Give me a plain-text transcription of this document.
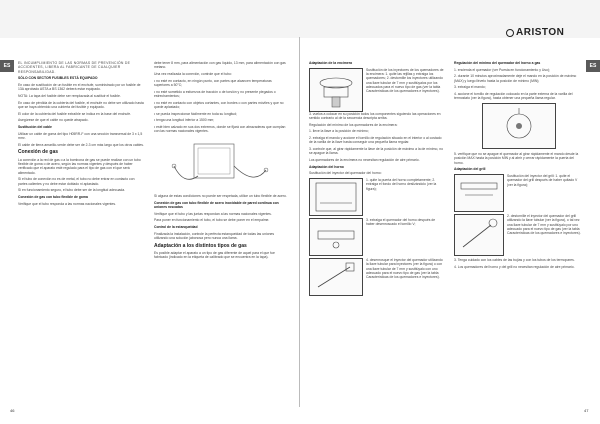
ES	ES
ARISTON

EL INCUMPLIMIENTO DE LAS NORMAS DE PREVENCIÓN DE ACCIDENTES, LIBERA AL FABRICANTE DE CUALQUIER RESPONSABILIDAD.

SÓLO CON SECTOR FUSIBLES ESTÁ EQUIPADO

En caso de sustitución de un fusible en el enchufe, suministrado por un fusible de 13A aprobado ASTA a BS 1362 deberá estar equipado.

NOTA: La tapa del fusible debe ser remplazada al sustituir el fusible.

En caso de pérdida de la cubierta del fusible, el enchufe no debe ser utilizado hasta que se haya obtenido una cubierta del fusible y equipado.

El color de la cubierta del fusible extraíble se indica en la base del enchufe.

Asegúrese de que el cable no quede atrapado.

Sustitución del cable

Utilizar un cable de goma del tipo H05RR-F con una sección transversal de 3 x 1,5 mm².

El cable de tierra amarillo-verde debe ser de 2-3 cm más largo que los otros cables.

Conexión de gas

La conexión a la red de gas o a la bombona de gas se puede realizar con un tubo flexible de goma o de acero, según las normas vigentes y después de haber verificado que el aparato esté regulado para el tipo de gas con el que será alimentado.

Si el tubo de conexión no es de metal, el tubo no debe entrar en contacto con partes calientes y no debe estar doblado ni aplastado.

Si en funcionamiento seguro, el tubo debe ser de la longitud adecuada.

Conexión de gas con tubo flexible de goma

Verifique que el tubo responda a las normas nacionales vigentes.

debe tener 8 mm, para alimentación con gas líquido, 13 mm, para alimentación con gas metano.

Una vez realizada la conexión, controle que el tubo:

• no esté en contacto, en ningún punto, con partes que alcancen temperaturas superiores a 50°C;

• no esté sometido a esfuerzos de tracción o de torsión y no presente plegados o estrechamientos;

• no esté en contacto con objetos cortantes, con bordes o con partes móviles y que no quede aplastado;

• se pueda inspeccionar fácilmente en toda su longitud;

• tenga una longitud inferior a 1500 mm;

• esté bien calzado en sus dos extremos, donde se fijará con abrazaderas que cumplan con las normas nacionales vigentes.

Si alguna de estas condiciones no puede ser respetada, utilice un tubo flexible de acero.

Conexión de gas con tubo flexible de acero inoxidable de pared continua con uniones roscadas

Verifique que el tubo y las juntas respondan a las normas nacionales vigentes.

Para poner en funcionamiento el tubo, el tubo se debe poner en el empalme.

Control de la estanqueidad

Finalizada la instalación, controle la perfecta estanqueidad de todas las uniones utilizando una solución jabonosa pero nunca una llama.

Adaptación a los distintos tipos de gas

Es posible adaptar el aparato a un tipo de gas diferente de aquel para el que fue fabricado (indicado en la etiqueta de calibrado que se encuentra en la tapa).

Adaptación de la encimera

Sustitución de los inyectores de los quemadores de la encimera: 1. quite las rejillas y extraiga los quemadores; 2. destornille los inyectores utilizando una llave tubular de 7 mm y sustitúyalos por los adecuados para el nuevo tipo de gas (ver la tabla Características de los quemadores e inyectores).

3. vuelva a colocar en su posición todos los componentes siguiendo las operaciones en sentido contrario al de la secuencia descripta arriba.

Regulación del mínimo de los quemadores de la encimera:

1. lleve la llave a la posición de mínimo;

2. extraiga el mando y accione el tornillo de regulación situado en el interior o al costado de la varilla de la llave hasta conseguir una pequeña llama regular.

3. controle que, al girar rápidamente la llave de la posición de máximo a la de mínimo, no se apague la llama.

Los quemadores de la encimera no necesitan regulación de aire primario.

Adaptación del horno

Sustitución del inyector del quemador del horno:

1. quite la puerta del horno completamente; 2. extraiga el fondo del horno deslizándolo (ver la figura);

3. extraiga el quemador del horno después de haber desenroscado el tornillo V;

4. desenrosque el inyector del quemador utilizando la llave tubular para inyectores (ver la figura) o con una llave tubular de 7 mm y sustitúyalo con uno adecuado para el nuevo tipo de gas (ver la tabla Características de los quemadores e inyectores).

Regulación del mínimo del quemador del horno a gas

1. encienda el quemador (ver Puesta en funcionamiento y Uso);

2. durante 10 minutos aproximadamente deje el mando en la posición de máximo (MAX) y luego llévelo hasta la posición de mínimo (MIN);

3. extraiga el mando;

4. accione el tornillo de regulación colocado en la parte externa de la varilla del termostato (ver la figura), hasta obtener una pequeña llama regular.

5. verifique que no se apague el quemador al girar rápidamente el mando desde la posición MAX hasta la posición MIN y al abrir y cerrar rápidamente la puerta del horno.

Adaptación del grill

Sustitución del inyector del grill: 1. quite el quemador del grill después de haber quitado V (ver la figura);

2. destornille el inyector del quemador del grill utilizando la llave tubular (ver la figura), o tal vez una llave tubular de 7 mm y sustitúyalo por uno adecuado para el nuevo tipo de gas (ver la tabla Características de los quemadores e inyectores).

3. Tenga cuidado con los cables de las bujías y con los tubos de los termopares.

4. Los quemadores del horno y del grill no necesitan regulación de aire primario.

46	47
